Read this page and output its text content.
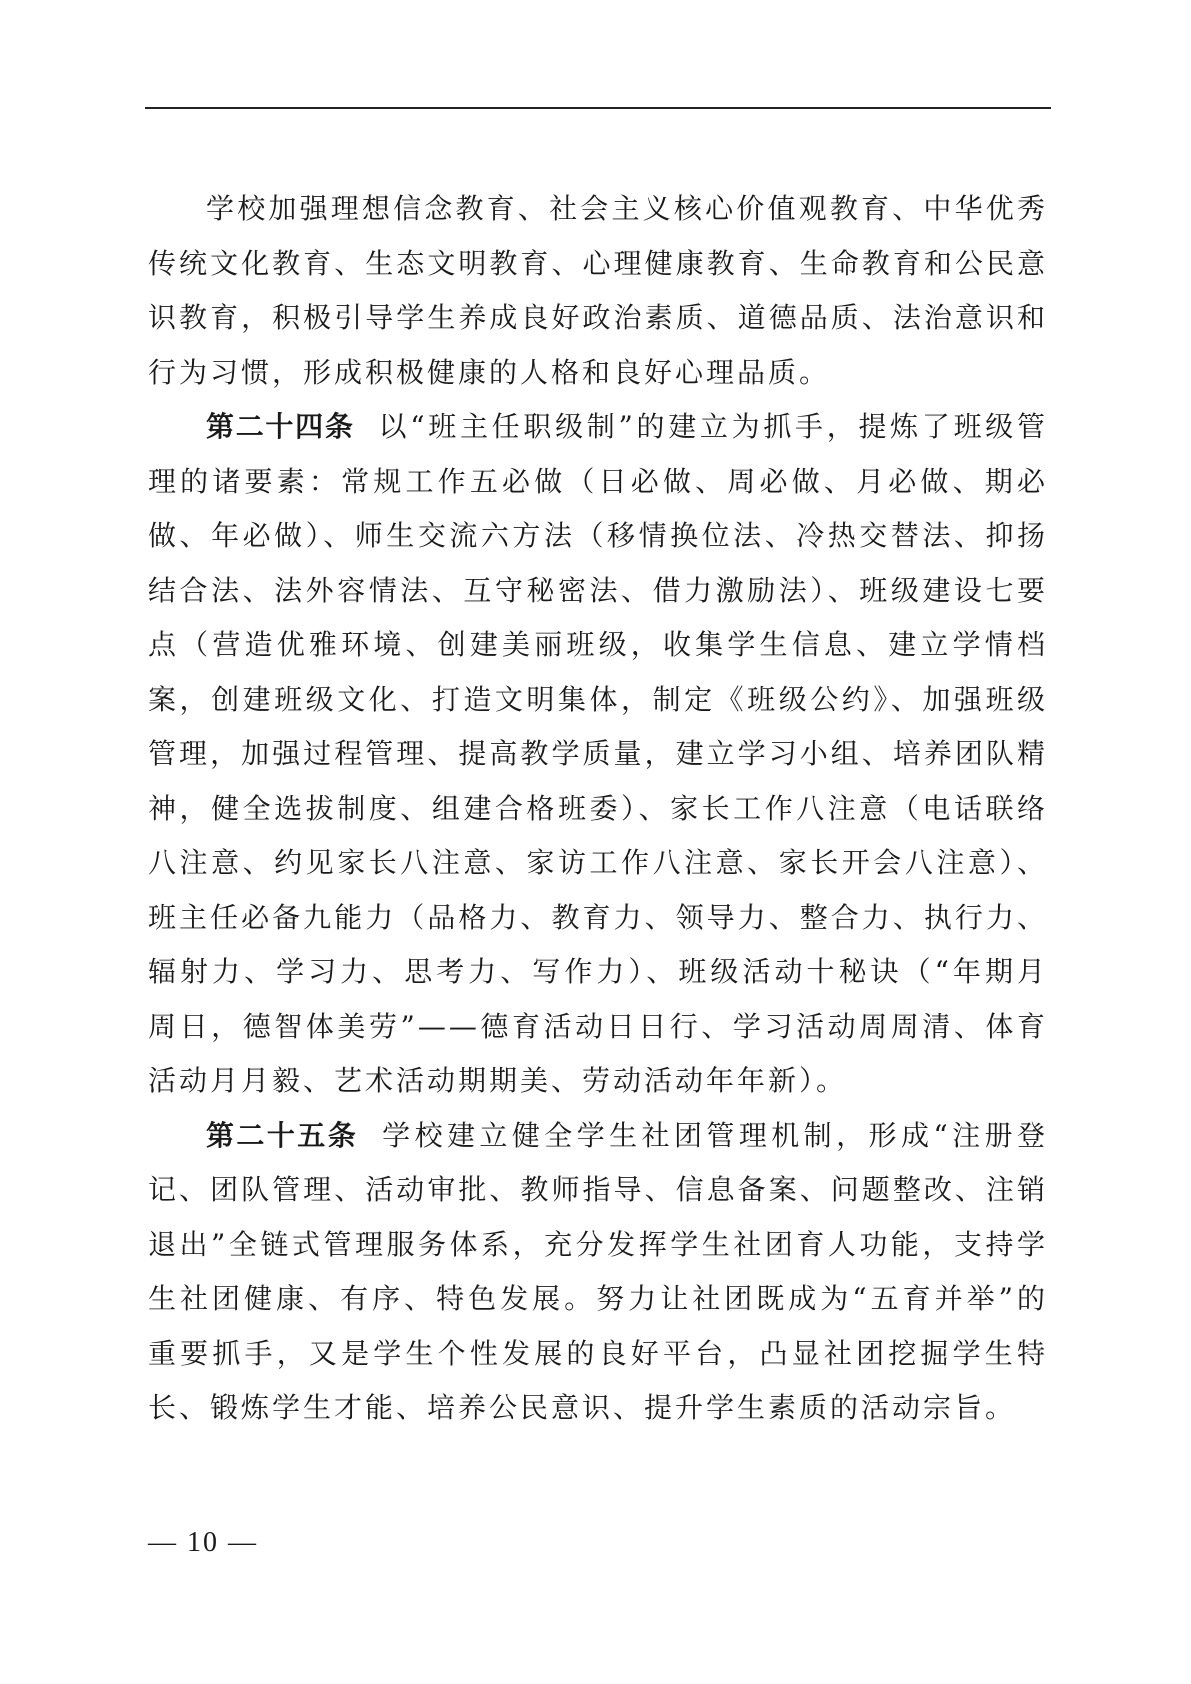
学校加强理想信念教育、社会主义核心价值观教育、中华优秀传统文化教育、生态文明教育、心理健康教育、生命教育和公民意识教育，积极引导学生养成良好政治素质、道德品质、法治意识和行为习惯，形成积极健康的人格和良好心理品质。

第二十四条 以“班主任职级制”的建立为抓手，提炼了班级管理的诸要素：常规工作五必做（日必做、周必做、月必做、期必做、年必做）、师生交流六方法（移情换位法、冷热交替法、抑扬结合法、法外容情法、互守秘密法、借力激励法）、班级建设七要点（营造优雅环境、创建美丽班级，收集学生信息、建立学情档案，创建班级文化、打造文明集体，制定《班级公约》、加强班级管理，加强过程管理、提高教学质量，建立学习小组、培养团队精神，健全选拔制度、组建合格班委）、家长工作八注意（电话联络八注意、约见家长八注意、家访工作八注意、家长开会八注意）、班主任必备九能力（品格力、教育力、领导力、整合力、执行力、辐射力、学习力、思考力、写作力）、班级活动十秘诀（“年期月周日，德智体美劳”——德育活动日日行、学习活动周周清、体育活动月月毅、艺术活动期期美、劳动活动年年新）。

第二十五条 学校建立健全学生社团管理机制，形成“注册登记、团队管理、活动审批、教师指导、信息备案、问题整改、注销退出”全链式管理服务体系，充分发挥学生社团育人功能，支持学生社团健康、有序、特色发展。努力让社团既成为“五育并举”的重要抓手，又是学生个性发展的良好平台，凸显社团挖掘学生特长、锻炼学生才能、培养公民意识、提升学生素质的活动宗旨。

— 10 —
